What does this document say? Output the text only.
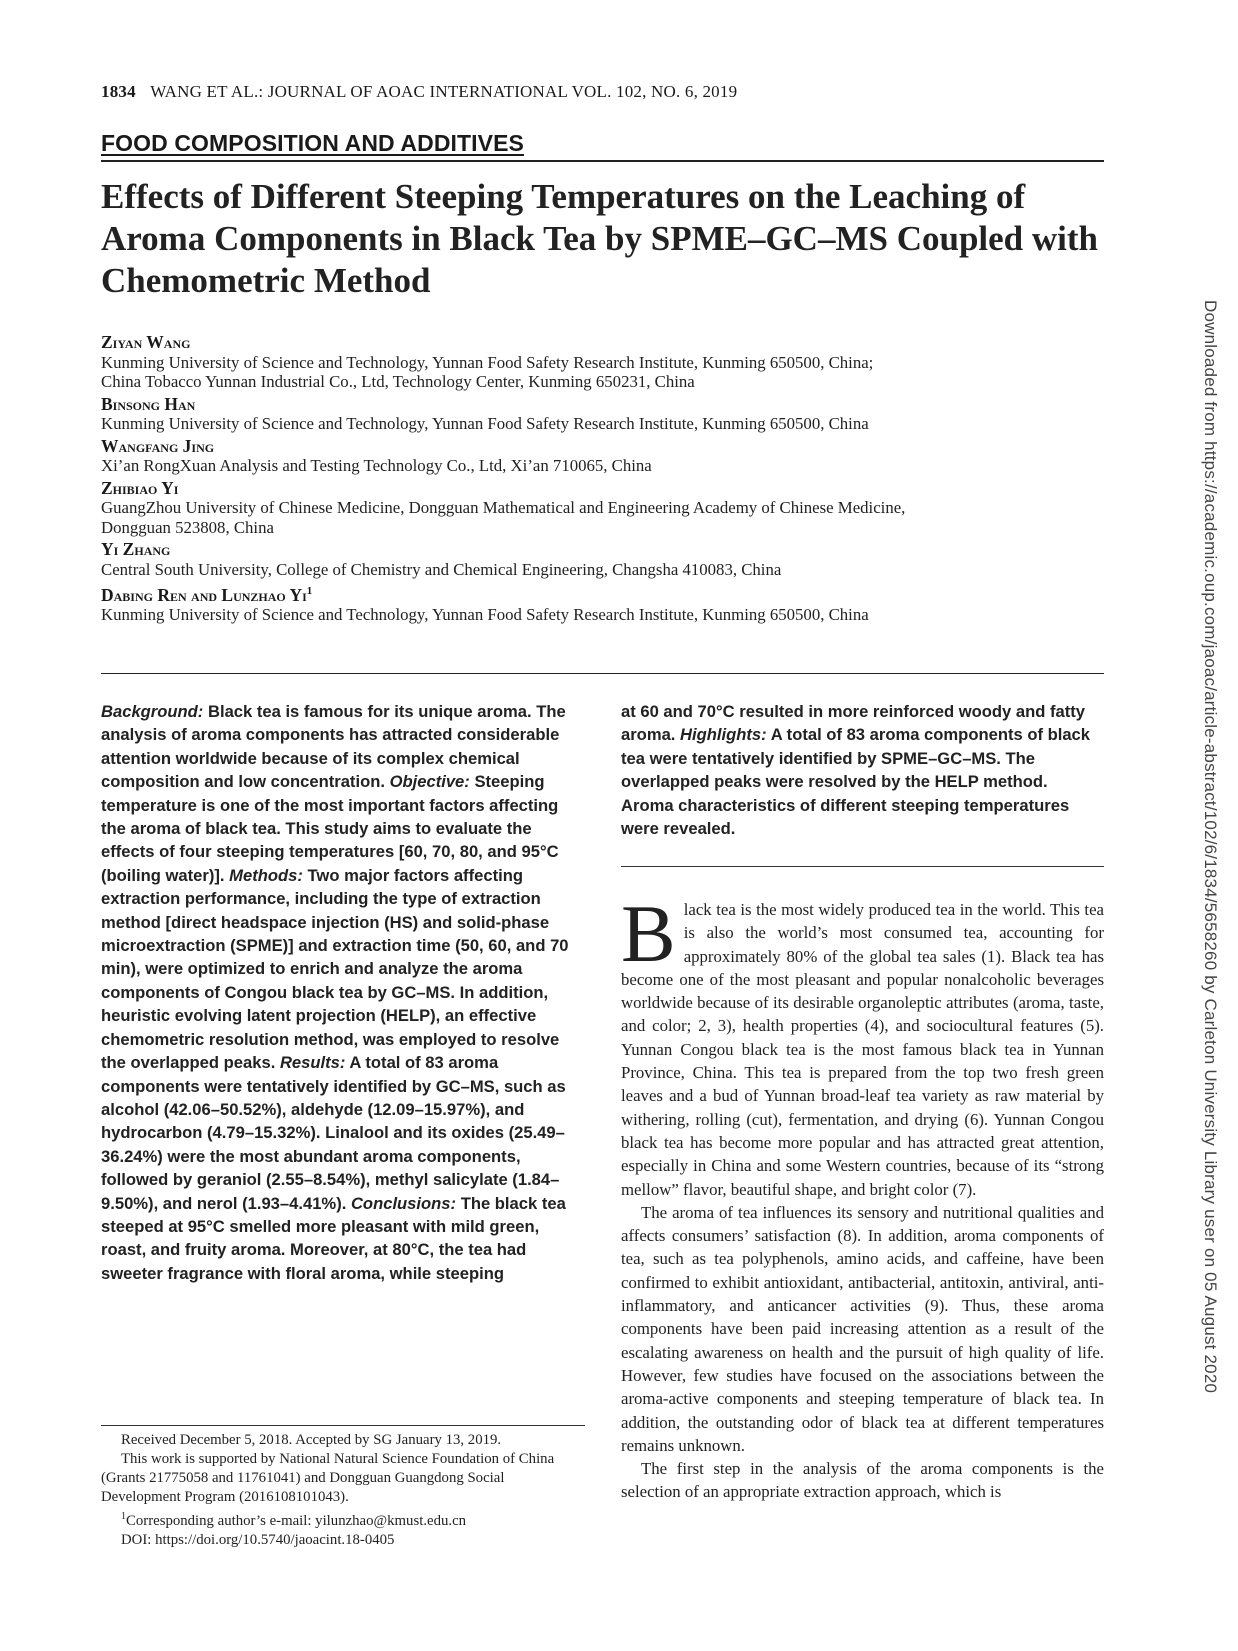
1834 WANG ET AL.: JOURNAL OF AOAC INTERNATIONAL VOL. 102, NO. 6, 2019
FOOD COMPOSITION AND ADDITIVES
Effects of Different Steeping Temperatures on the Leaching of Aroma Components in Black Tea by SPME–GC–MS Coupled with Chemometric Method
Ziyan Wang
Kunming University of Science and Technology, Yunnan Food Safety Research Institute, Kunming 650500, China;
China Tobacco Yunnan Industrial Co., Ltd, Technology Center, Kunming 650231, China
Binsong Han
Kunming University of Science and Technology, Yunnan Food Safety Research Institute, Kunming 650500, China
Wangfang Jing
Xi’an RongXuan Analysis and Testing Technology Co., Ltd, Xi’an 710065, China
Zhibiao Yi
GuangZhou University of Chinese Medicine, Dongguan Mathematical and Engineering Academy of Chinese Medicine,
Dongguan 523808, China
Yi Zhang
Central South University, College of Chemistry and Chemical Engineering, Changsha 410083, China
Dabing Ren and Lunzhao Yi$^1$
Kunming University of Science and Technology, Yunnan Food Safety Research Institute, Kunming 650500, China
Background: Black tea is famous for its unique aroma. The analysis of aroma components has attracted considerable attention worldwide because of its complex chemical composition and low concentration. Objective: Steeping temperature is one of the most important factors affecting the aroma of black tea. This study aims to evaluate the effects of four steeping temperatures [60, 70, 80, and 95°C (boiling water)]. Methods: Two major factors affecting extraction performance, including the type of extraction method [direct headspace injection (HS) and solid-phase microextraction (SPME)] and extraction time (50, 60, and 70 min), were optimized to enrich and analyze the aroma components of Congou black tea by GC–MS. In addition, heuristic evolving latent projection (HELP), an effective chemometric resolution method, was employed to resolve the overlapped peaks. Results: A total of 83 aroma components were tentatively identified by GC–MS, such as alcohol (42.06–50.52%), aldehyde (12.09–15.97%), and hydrocarbon (4.79–15.32%). Linalool and its oxides (25.49–36.24%) were the most abundant aroma components, followed by geraniol (2.55–8.54%), methyl salicylate (1.84–9.50%), and nerol (1.93–4.41%). Conclusions: The black tea steeped at 95°C smelled more pleasant with mild green, roast, and fruity aroma. Moreover, at 80°C, the tea had sweeter fragrance with floral aroma, while steeping
at 60 and 70°C resulted in more reinforced woody and fatty aroma. Highlights: A total of 83 aroma components of black tea were tentatively identified by SPME–GC–MS. The overlapped peaks were resolved by the HELP method. Aroma characteristics of different steeping temperatures were revealed.

Black tea is the most widely produced tea in the world. This tea is also the world’s most consumed tea, accounting for approximately 80% of the global tea sales (1). Black tea has become one of the most pleasant and popular nonalcoholic beverages worldwide because of its desirable organoleptic attributes (aroma, taste, and color; 2, 3), health properties (4), and sociocultural features (5). Yunnan Congou black tea is the most famous black tea in Yunnan Province, China. This tea is prepared from the top two fresh green leaves and a bud of Yunnan broad-leaf tea variety as raw material by withering, rolling (cut), fermentation, and drying (6). Yunnan Congou black tea has become more popular and has attracted great attention, especially in China and some Western countries, because of its “strong mellow” flavor, beautiful shape, and bright color (7).

The aroma of tea influences its sensory and nutritional qualities and affects consumers’ satisfaction (8). In addition, aroma components of tea, such as tea polyphenols, amino acids, and caffeine, have been confirmed to exhibit antioxidant, antibacterial, antitoxin, antiviral, anti-inflammatory, and anticancer activities (9). Thus, these aroma components have been paid increasing attention as a result of the escalating awareness on health and the pursuit of high quality of life. However, few studies have focused on the associations between the aroma-active components and steeping temperature of black tea. In addition, the outstanding odor of black tea at different temperatures remains unknown.

The first step in the analysis of the aroma components is the selection of an appropriate extraction approach, which is

Received December 5, 2018. Accepted by SG January 13, 2019.

This work is supported by National Natural Science Foundation of China (Grants 21775058 and 11761041) and Dongguan Guangdong Social Development Program (2016108101043).

$^1$Corresponding author’s e-mail: yilunzhao@kmust.edu.cn

DOI: https://doi.org/10.5740/jaoacint.18-0405

Downloaded from https://academic.oup.com/jaoac/article-abstract/102/6/1834/5658260 by Carleton University Library user on 05 August 2020
